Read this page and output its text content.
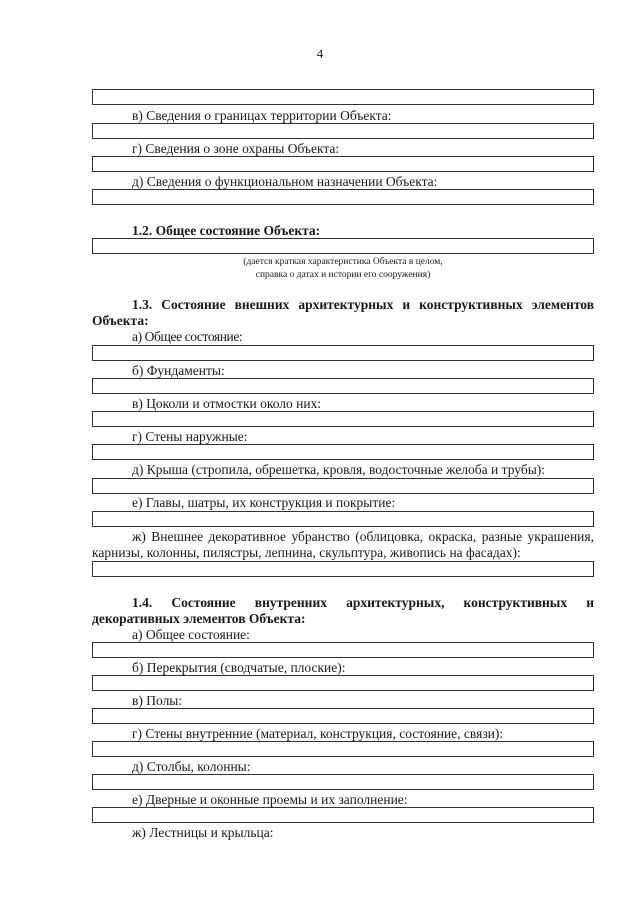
4
в) Сведения о границах территории Объекта:
г) Сведения о зоне охраны Объекта:
д) Сведения о функциональном назначении Объекта:
1.2. Общее состояние Объекта:
(дается краткая характеристика Объекта в целом,
справка о датах и истории его сооружения)
1.3. Состояние внешних архитектурных и конструктивных элементов
Объекта:
а) Общее состояние:
б) Фундаменты:
в) Цоколи и отмостки около них:
г) Стены наружные:
д) Крыша (стропила, обрешетка, кровля, водосточные желоба и трубы):
е) Главы, шатры, их конструкция и покрытие:
ж) Внешнее декоративное убранство (облицовка, окраска, разные украшения,
карнизы, колонны, пилястры, лепнина, скульптура, живопись на фасадах):
1.4. Состояние внутренних архитектурных, конструктивных и
декоративных элементов Объекта:
а) Общее состояние:
б) Перекрытия (сводчатые, плоские):
в) Полы:
г) Стены внутренние (материал, конструкция, состояние, связи):
д) Столбы, колонны:
е) Дверные и оконные проемы и их заполнение:
ж) Лестницы и крыльца:
